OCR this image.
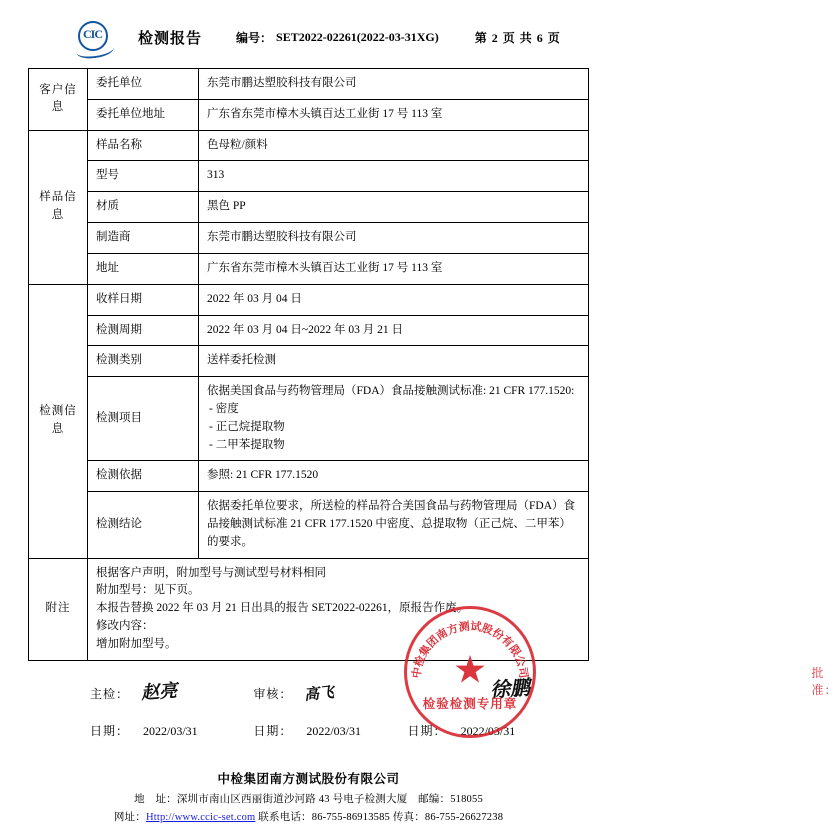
CIC 检测报告	编号： SET2022-02261(2022-03-31XG)	第 2 页 共 6 页
客户信息	委托单位	东莞市鹏达塑胶科技有限公司
	委托单位地址	广东省东莞市樟木头镇百达工业街 17 号 113 室

样品信息	样品名称	色母粒/颜料
	型号	313
	材质	黑色 PP
	制造商	东莞市鹏达塑胶科技有限公司
	地址	广东省东莞市樟木头镇百达工业街 17 号 113 室

检测信息	收样日期	2022 年 03 月 04 日
	检测周期	2022 年 03 月 04 日~2022 年 03 月 21 日
	检测类别	送样委托检测
	检测项目	依据美国食品与药物管理局（FDA）食品接触测试标准: 21 CFR 177.1520:
- 密度
- 正己烷提取物
- 二甲苯提取物

	检测依据	参照: 21 CFR 177.1520
	检测结论	依据委托单位要求，所送检的样品符合美国食品与药物管理局（FDA）食品接触测试标准 21 CFR 177.1520 中密度、总提取物（正己烷、二甲苯）的要求。

附注	根据客户声明，附加型号与测试型号材料相同
附加型号：见下页。
本报告替换 2022 年 03 月 21 日出具的报告 SET2022-02261，原报告作废。
修改内容：
增加附加型号。	
主检： 赵亮	审核： 高飞
批准：
徐鹏
日期：	2022/03/31	日期：	2022/03/31	日期：	2022/03/31
中检集团南方测试股份有限公司
★
检验检测专用章
中检集团南方测试股份有限公司
地　址：深圳市南山区西丽街道沙河路 43 号电子检测大厦　邮编：518055
网址：Http://www.ccic-set.com 联系电话：86-755-86913585 传真：86-755-26627238
